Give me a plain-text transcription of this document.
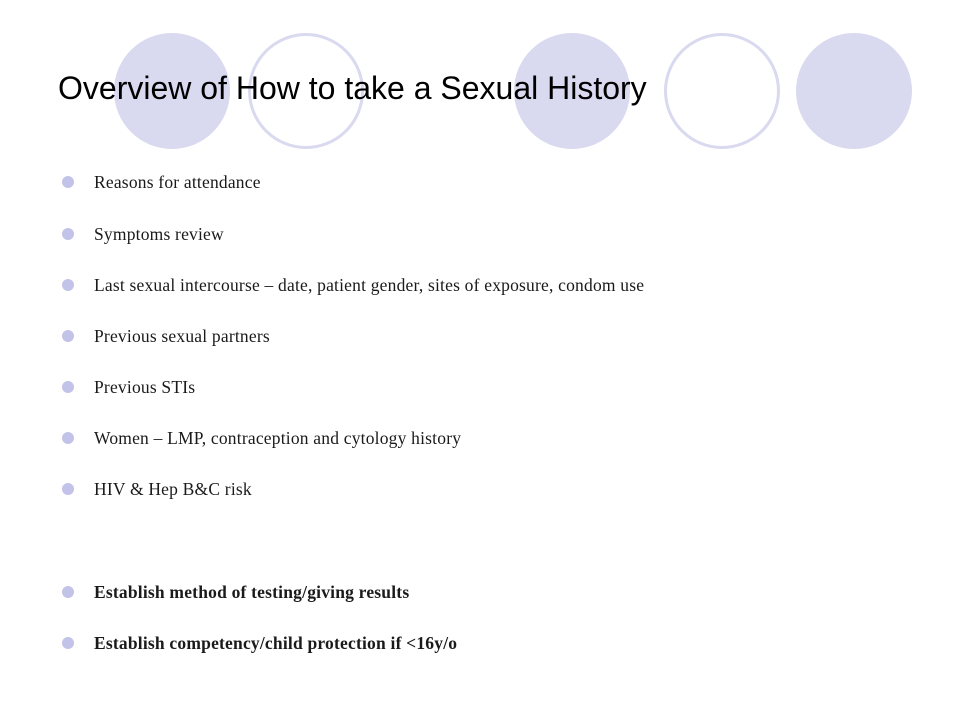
Overview of How to take a Sexual History
Reasons for attendance
Symptoms review
Last sexual intercourse – date, patient gender, sites of exposure, condom use
Previous sexual partners
Previous STIs
Women – LMP, contraception and cytology history
HIV & Hep B&C risk
Establish method of testing/giving results
Establish competency/child protection if <16y/o
